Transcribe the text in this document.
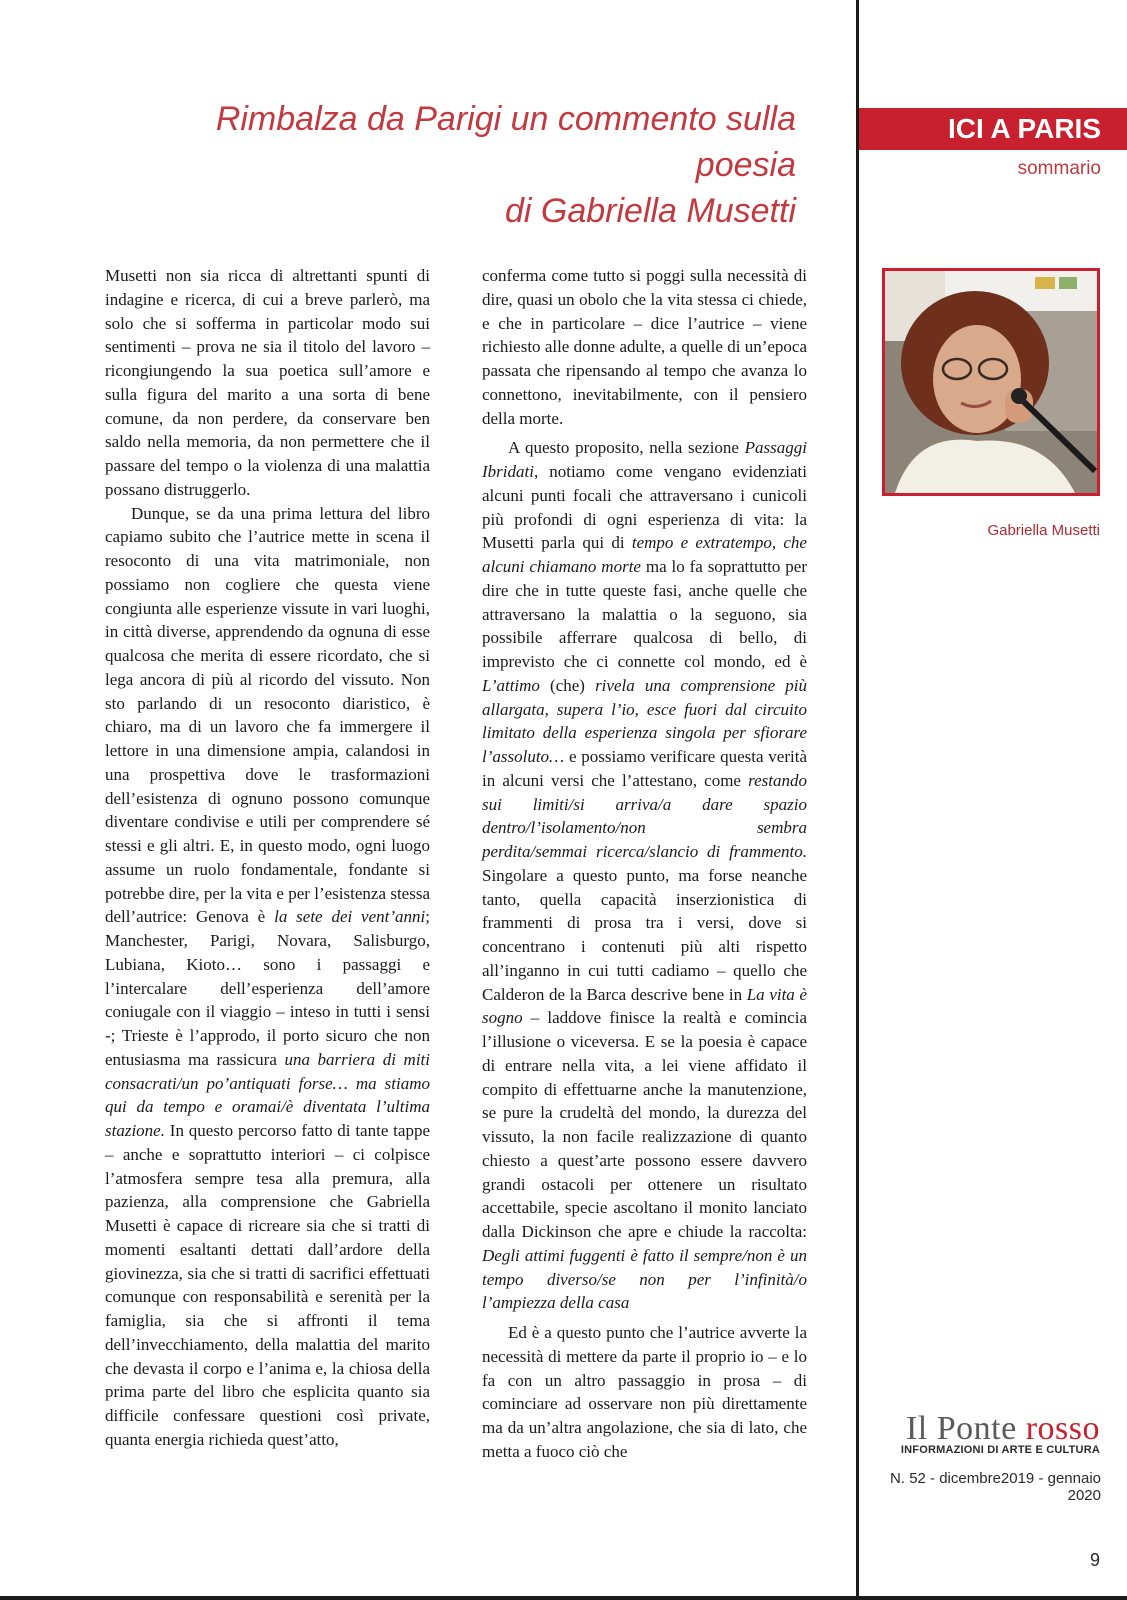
Rimbalza da Parigi un commento sulla poesia
di Gabriella Musetti
ICI A PARIS
sommario
Gabriella Musetti

Musetti non sia ricca di altrettanti spunti di indagine e ricerca, di cui a breve parlerò, ma solo che si sofferma in particolar modo sui sentimenti – prova ne sia il titolo del lavoro – ricongiungendo la sua poetica sull’amore e sulla figura del marito a una sorta di bene comune, da non perdere, da conservare ben saldo nella memoria, da non permettere che il passare del tempo o la violenza di una malattia possano distruggerlo.

Dunque, se da una prima lettura del libro capiamo subito che l’autrice mette in scena il resoconto di una vita matrimoniale, non possiamo non cogliere che questa viene congiunta alle esperienze vissute in vari luoghi, in città diverse, apprendendo da ognuna di esse qualcosa che merita di essere ricordato, che si lega ancora di più al ricordo del vissuto. Non sto parlando di un resoconto diaristico, è chiaro, ma di un lavoro che fa immergere il lettore in una dimensione ampia, calandosi in una prospettiva dove le trasformazioni dell’esistenza di ognuno possono comunque diventare condivise e utili per comprendere sé stessi e gli altri. E, in questo modo, ogni luogo assume un ruolo fondamentale, fondante si potrebbe dire, per la vita e per l’esistenza stessa dell’autrice: Genova è la sete dei vent’anni; Manchester, Parigi, Novara, Salisburgo, Lubiana, Kioto… sono i passaggi e l’intercalare dell’esperienza dell’amore coniugale con il viaggio – inteso in tutti i sensi -; Trieste è l’approdo, il porto sicuro che non entusiasma ma rassicura una barriera di miti consacrati/un po’antiquati forse… ma stiamo qui da tempo e oramai/è diventata l’ultima stazione. In questo percorso fatto di tante tappe – anche e soprattutto interiori – ci colpisce l’atmosfera sempre tesa alla premura, alla pazienza, alla comprensione che Gabriella Musetti è capace di ricreare sia che si tratti di momenti esaltanti dettati dall’ardore della giovinezza, sia che si tratti di sacrifici effettuati comunque con responsabilità e serenità per la famiglia, sia che si affronti il tema dell’invecchiamento, della malattia del marito che devasta il corpo e l’anima e, la chiosa della prima parte del libro che esplicita quanto sia difficile confessare questioni così private, quanta energia richieda quest’atto,

conferma come tutto si poggi sulla necessità di dire, quasi un obolo che la vita stessa ci chiede, e che in particolare – dice l’autrice – viene richiesto alle donne adulte, a quelle di un’epoca passata che ripensando al tempo che avanza lo connettono, inevitabilmente, con il pensiero della morte.

A questo proposito, nella sezione Passaggi Ibridati, notiamo come vengano evidenziati alcuni punti focali che attraversano i cunicoli più profondi di ogni esperienza di vita: la Musetti parla qui di tempo e extratempo, che alcuni chiamano morte ma lo fa soprattutto per dire che in tutte queste fasi, anche quelle che attraversano la malattia o la seguono, sia possibile afferrare qualcosa di bello, di imprevisto che ci connette col mondo, ed è L’attimo (che) rivela una comprensione più allargata, supera l’io, esce fuori dal circuito limitato della esperienza singola per sfiorare l’assoluto… e possiamo verificare questa verità in alcuni versi che l’attestano, come restando sui limiti/si arriva/a dare spazio dentro/l’isolamento/non sembra perdita/semmai ricerca/slancio di frammento. Singolare a questo punto, ma forse neanche tanto, quella capacità inserzionistica di frammenti di prosa tra i versi, dove si concentrano i contenuti più alti rispetto all’inganno in cui tutti cadiamo – quello che Calderon de la Barca descrive bene in La vita è sogno – laddove finisce la realtà e comincia l’illusione o viceversa. E se la poesia è capace di entrare nella vita, a lei viene affidato il compito di effettuarne anche la manutenzione, se pure la crudeltà del mondo, la durezza del vissuto, la non facile realizzazione di quanto chiesto a quest’arte possono essere davvero grandi ostacoli per ottenere un risultato accettabile, specie ascoltano il monito lanciato dalla Dickinson che apre e chiude la raccolta: Degli attimi fuggenti è fatto il sempre/non è un tempo diverso/se non per l’infinità/o l’ampiezza della casa

Ed è a questo punto che l’autrice avverte la necessità di mettere da parte il proprio io – e lo fa con un altro passaggio in prosa – di cominciare ad osservare non più direttamente ma da un’altra angolazione, che sia di lato, che metta a fuoco ciò che

Il Ponte rosso
INFORMAZIONI DI ARTE E CULTURA
N. 52 - dicembre2019 - gennaio 2020
9
